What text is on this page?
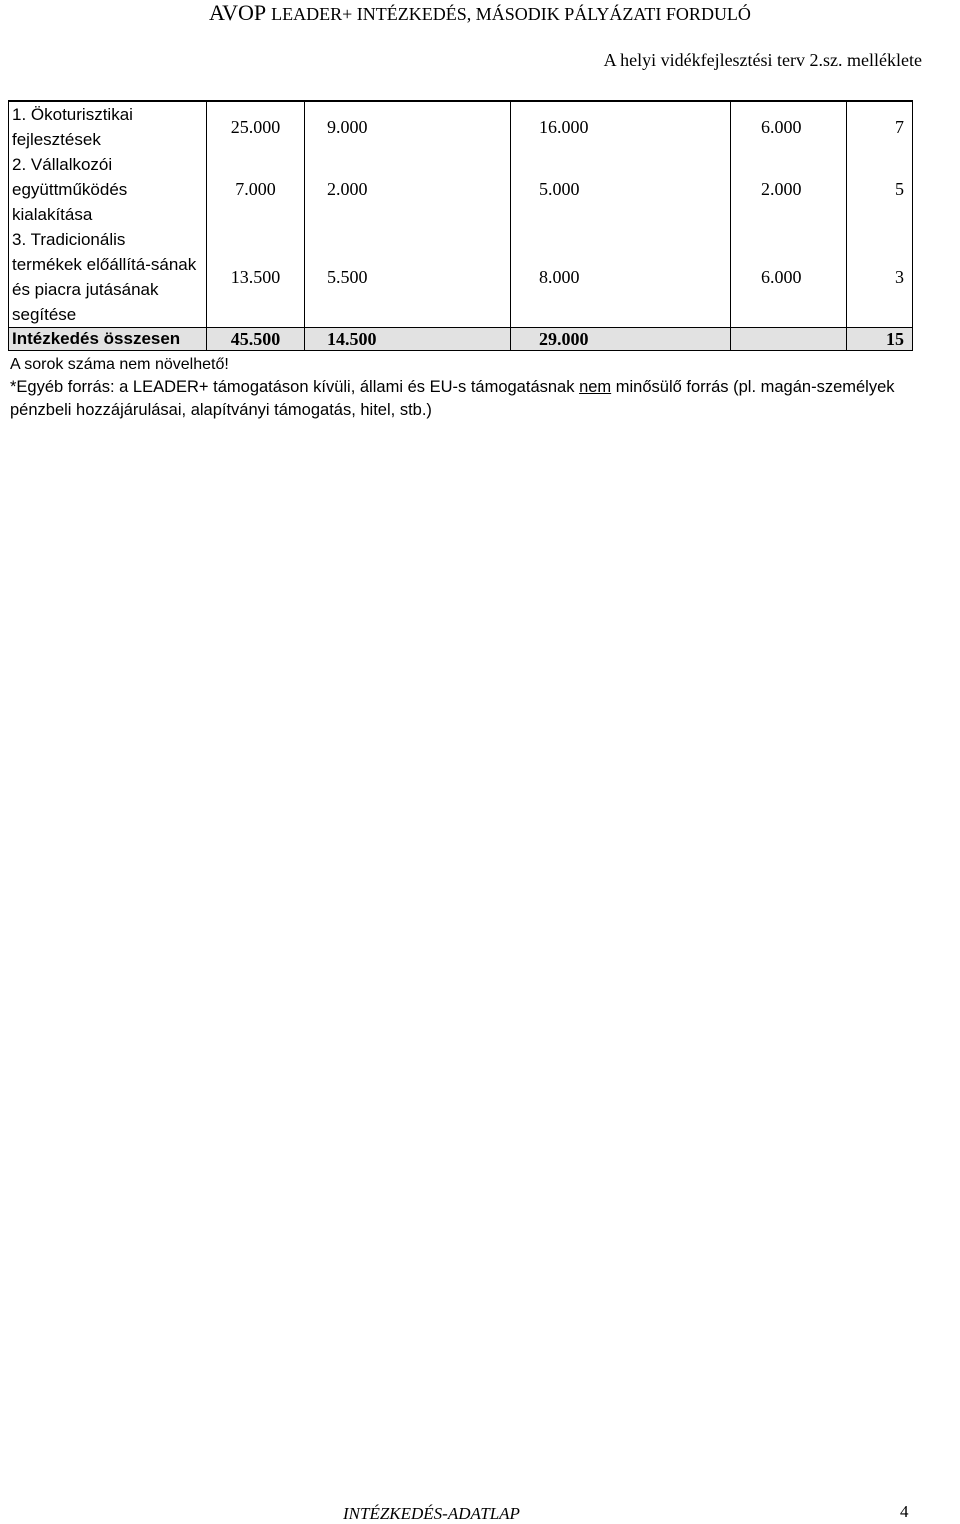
AVOP LEADER+ INTÉZKEDÉS, MÁSODIK PÁLYÁZATI FORDULÓ
A helyi vidékfejlesztési terv 2.sz. melléklete
1. Ökoturisztikai fejlesztések	25.000	9.000	16.000	6.000	7
2. Vállalkozói együttműködés kialakítása	7.000	2.000	5.000	2.000	5
3. Tradicionális termékek előállítá-sának és piacra jutásának segítése	13.500	5.500	8.000	6.000	3
Intézkedés összesen	45.500	14.500	29.000		15
A sorok száma nem növelhető!
*Egyéb forrás: a LEADER+ támogatáson kívüli, állami és EU-s támogatásnak nem minősülő forrás (pl. magán-személyek pénzbeli hozzájárulásai, alapítványi támogatás, hitel, stb.)
INTÉZKEDÉS-ADATLAP	4
